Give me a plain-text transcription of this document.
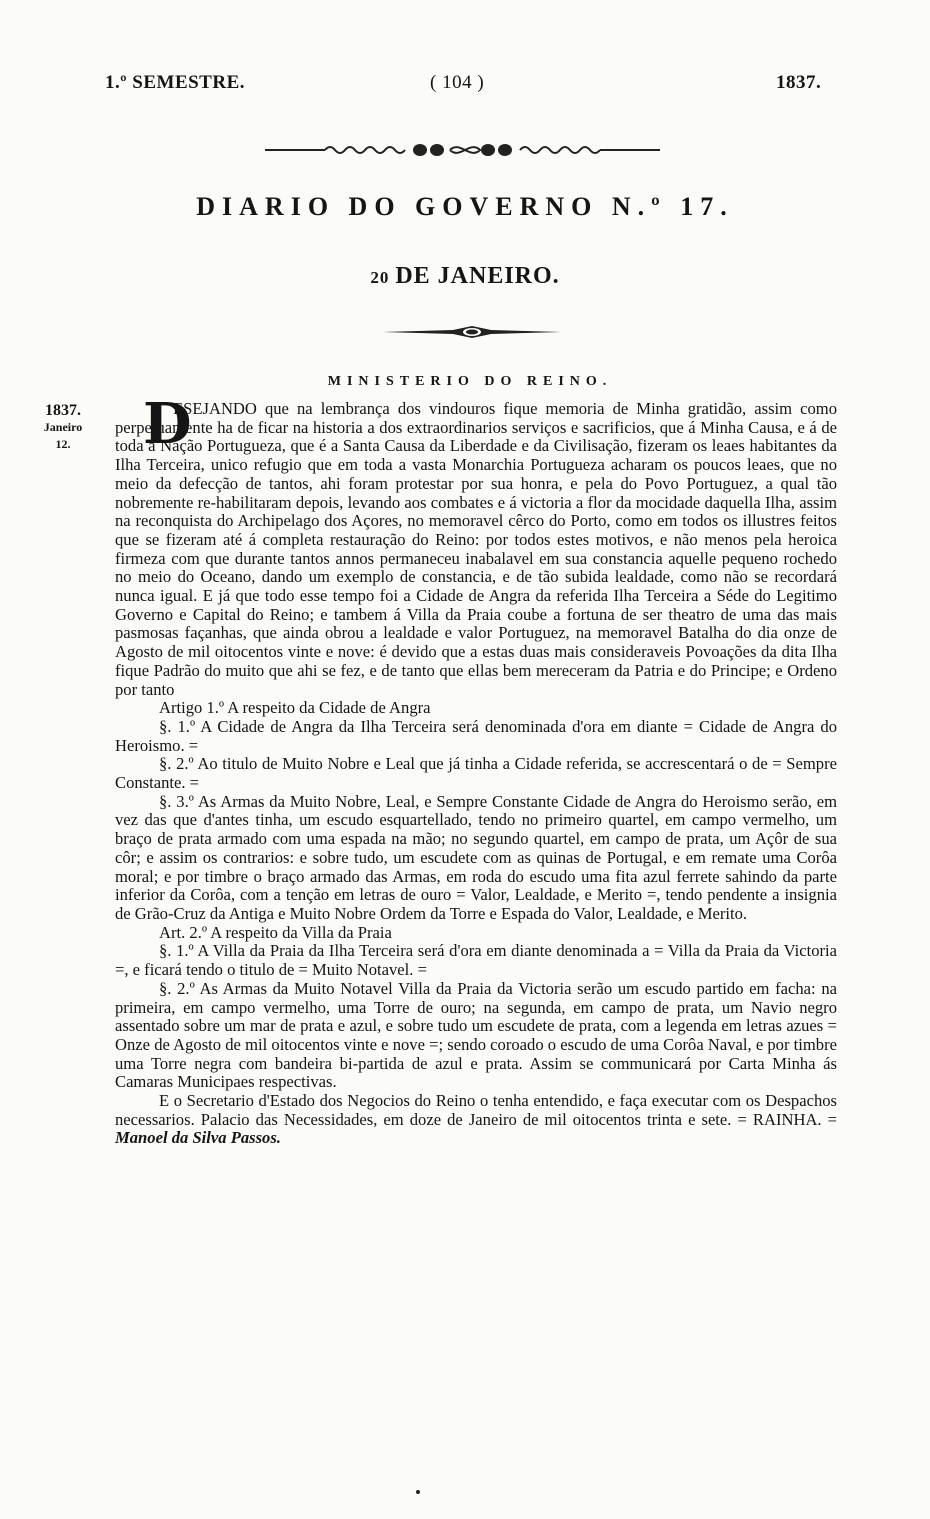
1.º SEMESTRE.	( 104 )	1837.
DIARIO DO GOVERNO N.º 17.
20 DE JANEIRO.
MINISTERIO DO REINO.
1837.
Janeiro
12.	D

ESEJANDO que na lembrança dos vindouros fique memoria de Minha gratidão, assim como perpetuamente ha de ficar na historia a dos extraordinarios serviços e sacrificios, que á Minha Causa, e á de toda a Nação Portugueza, que é a Santa Causa da Liberdade e da Civilisação, fizeram os leaes habitantes da Ilha Terceira, unico refugio que em toda a vasta Monarchia Portugueza acharam os poucos leaes, que no meio da defecção de tantos, ahi foram protestar por sua honra, e pela do Povo Portuguez, a qual tão nobremente re-habilitaram depois, levando aos combates e á victoria a flor da mocidade daquella Ilha, assim na reconquista do Archipelago dos Açores, no memoravel cêrco do Porto, como em todos os illustres feitos que se fizeram até á completa restauração do Reino: por todos estes motivos, e não menos pela heroica firmeza com que durante tantos annos permaneceu inabalavel em sua constancia aquelle pequeno rochedo no meio do Oceano, dando um exemplo de constancia, e de tão subida lealdade, como não se recordará nunca igual. E já que todo esse tempo foi a Cidade de Angra da referida Ilha Terceira a Séde do Legitimo Governo e Capital do Reino; e tambem á Villa da Praia coube a fortuna de ser theatro de uma das mais pasmosas façanhas, que ainda obrou a lealdade e valor Portuguez, na memoravel Batalha do dia onze de Agosto de mil oitocentos vinte e nove: é devido que a estas duas mais consideraveis Povoações da dita Ilha fique Padrão do muito que ahi se fez, e de tanto que ellas bem mereceram da Patria e do Principe; e Ordeno por tanto

Artigo 1.º A respeito da Cidade de Angra

§. 1.º A Cidade de Angra da Ilha Terceira será denominada d'ora em diante = Cidade de Angra do Heroismo. =

§. 2.º Ao titulo de Muito Nobre e Leal que já tinha a Cidade referida, se accrescentará o de = Sempre Constante. =

§. 3.º As Armas da Muito Nobre, Leal, e Sempre Constante Cidade de Angra do Heroismo serão, em vez das que d'antes tinha, um escudo esquartellado, tendo no primeiro quartel, em campo vermelho, um braço de prata armado com uma espada na mão; no segundo quartel, em campo de prata, um Açôr de sua côr; e assim os contrarios: e sobre tudo, um escudete com as quinas de Portugal, e em remate uma Corôa moral; e por timbre o braço armado das Armas, em roda do escudo uma fita azul ferrete sahindo da parte inferior da Corôa, com a tenção em letras de ouro = Valor, Lealdade, e Merito =, tendo pendente a insignia de Grão-Cruz da Antiga e Muito Nobre Ordem da Torre e Espada do Valor, Lealdade, e Merito.

Art. 2.º A respeito da Villa da Praia

§. 1.º A Villa da Praia da Ilha Terceira será d'ora em diante denominada a = Villa da Praia da Victoria =, e ficará tendo o titulo de = Muito Notavel. =

§. 2.º As Armas da Muito Notavel Villa da Praia da Victoria serão um escudo partido em facha: na primeira, em campo vermelho, uma Torre de ouro; na segunda, em campo de prata, um Navio negro assentado sobre um mar de prata e azul, e sobre tudo um escudete de prata, com a legenda em letras azues = Onze de Agosto de mil oitocentos vinte e nove =; sendo coroado o escudo de uma Corôa Naval, e por timbre uma Torre negra com bandeira bi-partida de azul e prata. Assim se communicará por Carta Minha ás Camaras Municipaes respectivas.

E o Secretario d'Estado dos Negocios do Reino o tenha entendido, e faça executar com os Despachos necessarios. Palacio das Necessidades, em doze de Janeiro de mil oitocentos trinta e sete. = RAINHA. = Manoel da Silva Passos.
